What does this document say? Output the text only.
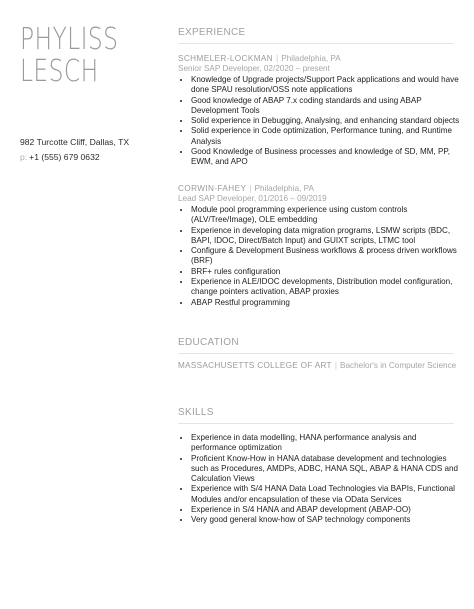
PHYLISS
LESCH
982 Turcotte Cliff, Dallas, TX
p: +1 (555) 679 0632
EXPERIENCE
SCHMELER-LOCKMAN | Philadelphia, PA
Senior SAP Developer, 02/2020 – present
• Knowledge of Upgrade projects/Support Pack applications and would have done SPAU resolution/OSS note applications
• Good knowledge of ABAP 7.x coding standards and using ABAP Development Tools
• Solid experience in Debugging, Analysing, and enhancing standard objects
• Solid experience in Code optimization, Performance tuning, and Runtime Analysis
• Good Knowledge of Business processes and knowledge of SD, MM, PP, EWM, and APO
CORWIN-FAHEY | Philadelphia, PA
Lead SAP Developer, 01/2016 – 09/2019
• Module pool programming experience using custom controls (ALV/Tree/Image), OLE embedding
• Experience in developing data migration programs, LSMW scripts (BDC, BAPI, IDOC, Direct/Batch Input) and GUIXT scripts, LTMC tool
• Configure & Development Business workflows & process driven workflows (BRF)
• BRF+ rules configuration
• Experience in ALE/IDOC developments, Distribution model configuration, change pointers activation, ABAP proxies
• ABAP Restful programming
EDUCATION
MASSACHUSETTS COLLEGE OF ART | Bachelor's in Computer Science
SKILLS
• Experience in data modelling, HANA performance analysis and performance optimization
• Proficient Know-How in HANA database development and technologies such as Procedures, AMDPs, ADBC, HANA SQL, ABAP & HANA CDS and Calculation Views
• Experience with S/4 HANA Data Load Technologies via BAPIs, Functional Modules and/or encapsulation of these via OData Services
• Experience in S/4 HANA and ABAP development (ABAP-OO)
• Very good general know-how of SAP technology components
